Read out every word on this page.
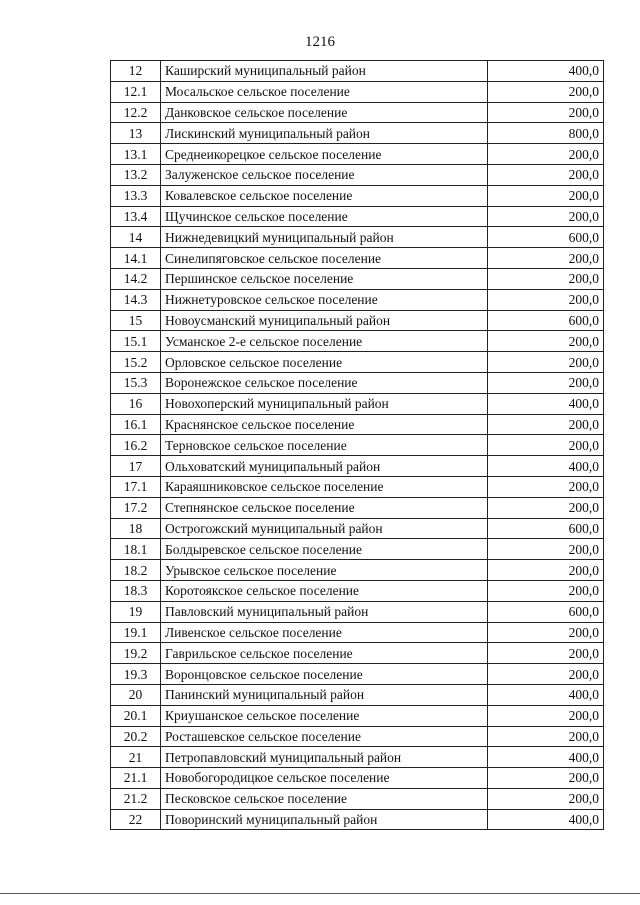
1216
12	Каширский муниципальный район	400,0
12.1	Мосальское сельское поселение	200,0
12.2	Данковское сельское поселение	200,0
13	Лискинский муниципальный район	800,0
13.1	Среднеикорецкое сельское поселение	200,0
13.2	Залуженское сельское поселение	200,0
13.3	Ковалевское сельское поселение	200,0
13.4	Щучинское сельское поселение	200,0
14	Нижнедевицкий муниципальный район	600,0
14.1	Синелипяговское сельское поселение	200,0
14.2	Першинское сельское поселение	200,0
14.3	Нижнетуровское сельское поселение	200,0
15	Новоусманский муниципальный район	600,0
15.1	Усманское 2-е сельское поселение	200,0
15.2	Орловское сельское поселение	200,0
15.3	Воронежское сельское поселение	200,0
16	Новохоперский муниципальный район	400,0
16.1	Краснянское сельское поселение	200,0
16.2	Терновское сельское поселение	200,0
17	Ольховатский муниципальный район	400,0
17.1	Караяшниковское сельское поселение	200,0
17.2	Степнянское сельское поселение	200,0
18	Острогожский муниципальный район	600,0
18.1	Болдыревское сельское поселение	200,0
18.2	Урывское сельское поселение	200,0
18.3	Коротоякское сельское поселение	200,0
19	Павловский муниципальный район	600,0
19.1	Ливенское сельское поселение	200,0
19.2	Гаврильское сельское поселение	200,0
19.3	Воронцовское сельское поселение	200,0
20	Панинский муниципальный район	400,0
20.1	Криушанское сельское поселение	200,0
20.2	Росташевское сельское поселение	200,0
21	Петропавловский муниципальный район	400,0
21.1	Новобогородицкое сельское поселение	200,0
21.2	Песковское сельское поселение	200,0
22	Поворинский муниципальный район	400,0
